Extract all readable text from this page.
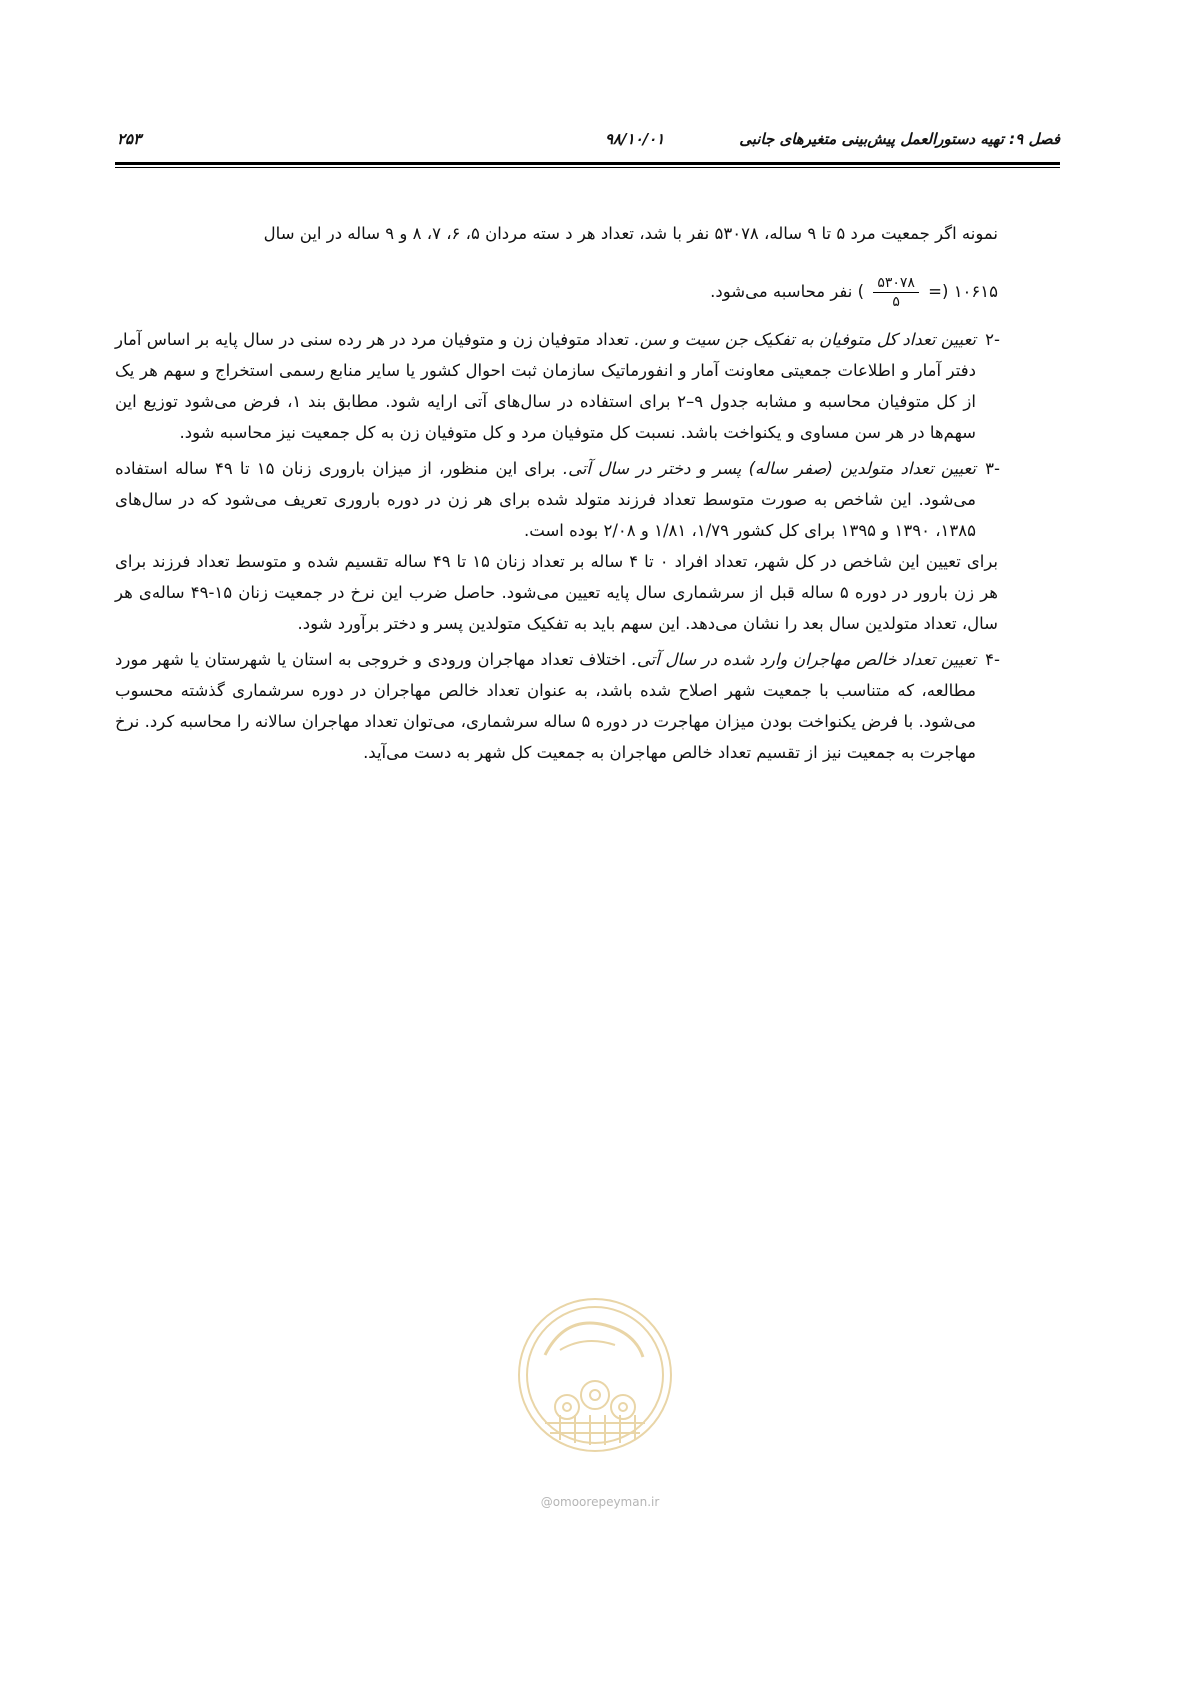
فصل ۹: تهیه دستورالعمل پیش‌بینی متغیرهای جانبی
۹۸/۱۰/۰۱
۲۵۳

نمونه اگر جمعیت مرد ۵ تا ۹ ساله، ۵۳۰۷۸ نفر با شد، تعداد هر د سته مردان ۵، ۶، ۷، ۸ و ۹ ساله در این سال

۱۰۶۱۵ (=
$\frac{۵۳۰۷۸}{۵}$
) نفر محاسبه می‌شود.
-۲

تعیین تعداد کل متوفیان به تفکیک جن سیت و سن. تعداد متوفیان زن و متوفیان مرد در هر رده سنی در سال پایه بر اساس آمار دفتر آمار و اطلاعات جمعیتی معاونت آمار و انفورماتیک سازمان ثبت احوال کشور یا سایر منابع رسمی استخراج و سهم هر یک از کل متوفیان محاسبه و مشابه جدول ۹–۲ برای استفاده در سال‌های آتی ارایه شود. مطابق بند ۱، فرض می‌شود توزیع این سهم‌ها در هر سن مساوی و یکنواخت باشد. نسبت کل متوفیان مرد و کل متوفیان زن به کل جمعیت نیز محاسبه شود.

-۳

تعیین تعداد متولدین (صفر ساله) پسر و دختر در سال آتی. برای این منظور، از میزان باروری زنان ۱۵ تا ۴۹ ساله استفاده می‌شود. این شاخص به صورت متوسط تعداد فرزند متولد شده برای هر زن در دوره باروری تعریف می‌شود که در سال‌های ۱۳۸۵، ۱۳۹۰ و ۱۳۹۵ برای کل کشور ۱/۷۹، ۱/۸۱ و ۲/۰۸ بوده است.

برای تعیین این شاخص در کل شهر، تعداد افراد ۰ تا ۴ ساله بر تعداد زنان ۱۵ تا ۴۹ ساله تقسیم شده و متوسط تعداد فرزند برای هر زن بارور در دوره ۵ ساله قبل از سرشماری سال پایه تعیین می‌شود. حاصل ضرب این نرخ در جمعیت زنان ۱۵-۴۹ ساله‌ی هر سال، تعداد متولدین سال بعد را نشان می‌دهد. این سهم باید به تفکیک متولدین پسر و دختر برآورد شود.

-۴

تعیین تعداد خالص مهاجران وارد شده در سال آتی. اختلاف تعداد مهاجران ورودی و خروجی به استان یا شهرستان یا شهر مورد مطالعه، که متناسب با جمعیت شهر اصلاح شده باشد، به عنوان تعداد خالص مهاجران در دوره سرشماری گذشته محسوب می‌شود. با فرض یکنواخت بودن میزان مهاجرت در دوره ۵ ساله سرشماری، می‌توان تعداد مهاجران سالانه را محاسبه کرد. نرخ مهاجرت به جمعیت نیز از تقسیم تعداد خالص مهاجران به جمعیت کل شهر به دست می‌آید.

@omoorepeyman.ir
